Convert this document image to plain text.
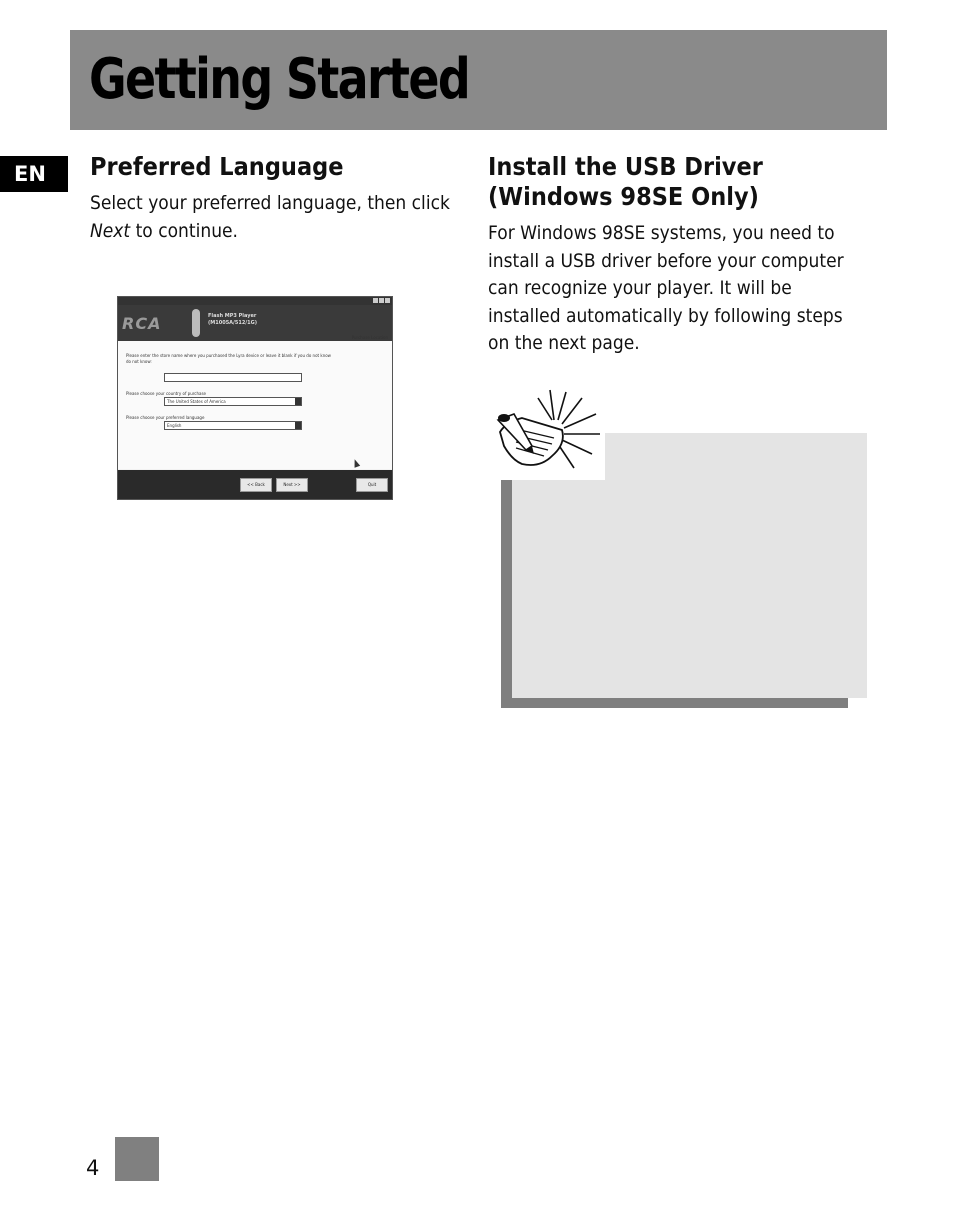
Getting Started
EN	Preferred Language

Select your preferred language, then click
Next to continue.

RCA	Flash MP3 Player
(M1005A/512/1G)
Purchase Location
Please enter the store name where you purchased the Lyra device or leave it blank if you do not know
do not know:
Please choose your country of purchase
The United States of America
Please choose your preferred language
English
<< Back	Next >>	Quit
Install the USB Driver
(Windows 98SE Only)

For Windows 98SE systems, you need to install a USB driver before your computer can recognize your player. It will be installed automatically by following steps on the next page.

4
